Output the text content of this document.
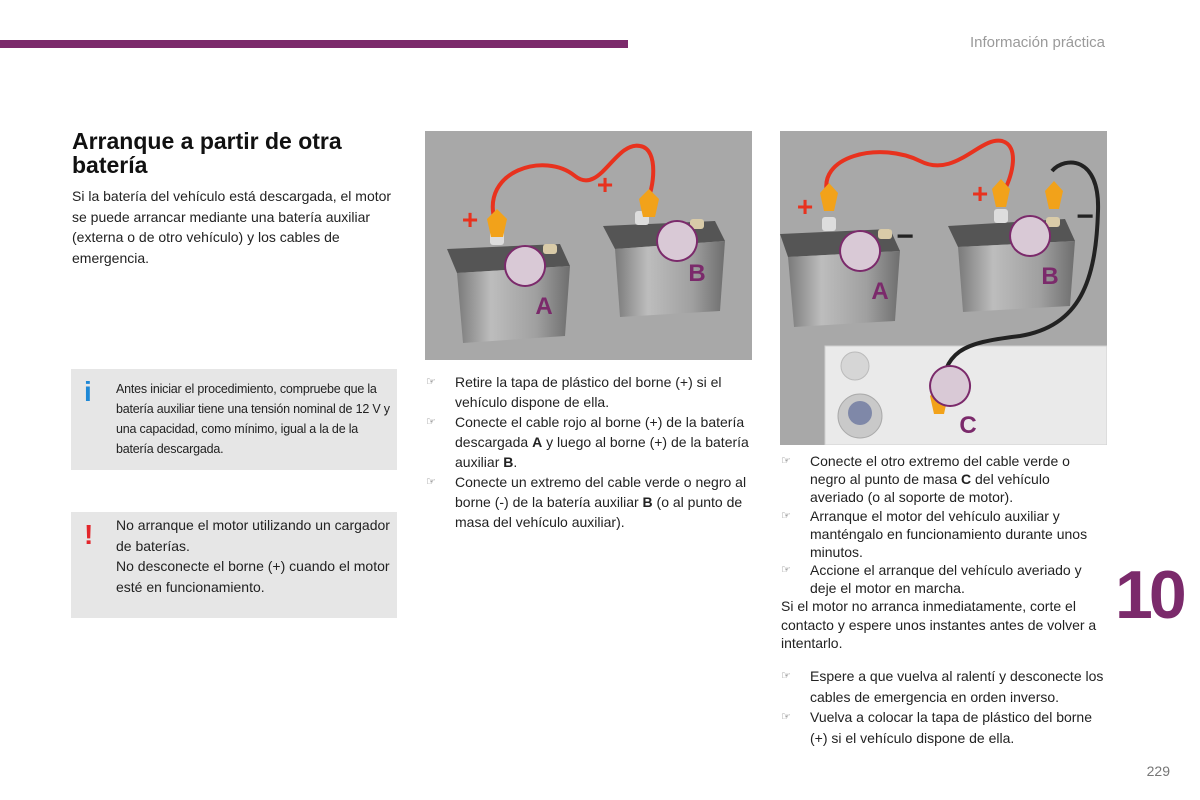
Información práctica
Arranque a partir de otra batería
Si la batería del vehículo está descargada, el motor se puede arrancar mediante una batería auxiliar (externa o de otro vehículo) y los cables de emergencia.
i Antes iniciar el procedimiento, compruebe que la batería auxiliar tiene una tensión nominal de 12 V y una capacidad, como mínimo, igual a la de la batería descargada.
! No arranque el motor utilizando un cargador de baterías.

No desconecte el borne (+) cuando el motor esté en funcionamiento.

B
A
+
+
B
A
C
+	+
−
−
☞ Retire la tapa de plástico del borne (+) si el vehículo dispone de ella.
☞ Conecte el cable rojo al borne (+) de la batería descargada A y luego al borne (+) de la batería auxiliar B.
☞ Conecte un extremo del cable verde o negro al borne (-) de la batería auxiliar B (o al punto de masa del vehículo auxiliar).
☞ Conecte el otro extremo del cable verde o negro al punto de masa C del vehículo averiado (o al soporte de motor).
☞ Arranque el motor del vehículo auxiliar y manténgalo en funcionamiento durante unos minutos.
☞ Accione el arranque del vehículo averiado y deje el motor en marcha.

Si el motor no arranca inmediatamente, corte el contacto y espere unos instantes antes de volver a intentarlo.

☞ Espere a que vuelva al ralentí y desconecte los cables de emergencia en orden inverso.
☞ Vuelva a colocar la tapa de plástico del borne (+) si el vehículo dispone de ella.
10
229
